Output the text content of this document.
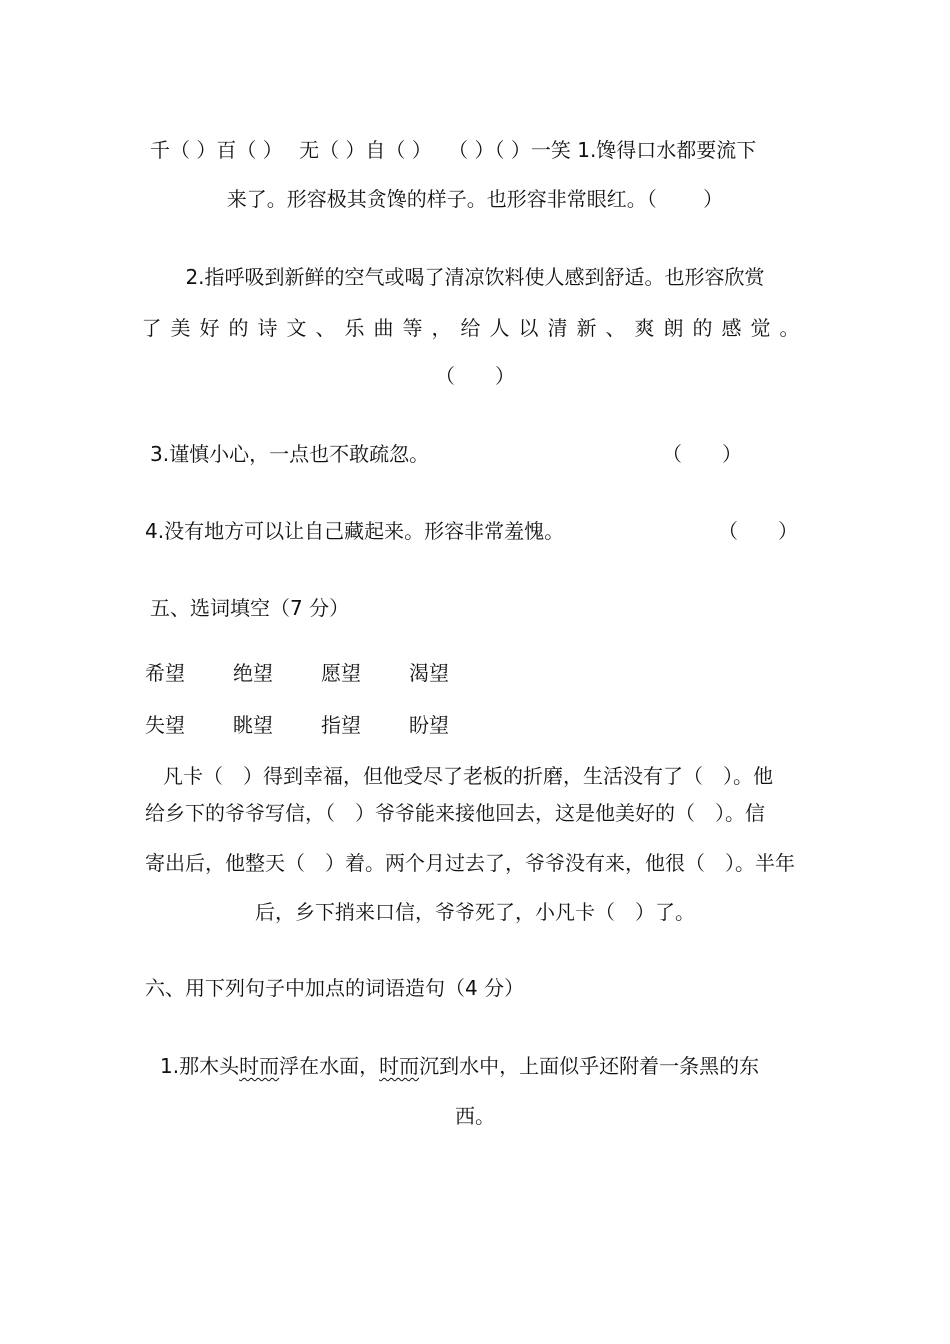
千（ ）百（ ）　 无（ ）自（ ）　 （ ）（ ）一笑 1.馋得口水都要流下
来了。形容极其贪馋的样子。也形容非常眼红。（　　 ）
2.指呼吸到新鲜的空气或喝了清凉饮料使人感到舒适。也形容欣赏
了美好的诗文、乐曲等，给人以清新、爽朗的感觉。
（　　）
3.谨慎小心，一点也不敢疏忽。	（　　）
4.没有地方可以让自己藏起来。形容非常羞愧。	（　　）
五、选词填空（7 分）
希望 绝望 愿望 渴望
失望 眺望 指望 盼望
凡卡（　）得到幸福，但他受尽了老板的折磨，生活没有了（　）。他
给乡下的爷爷写信，（　）爷爷能来接他回去，这是他美好的（　）。信
寄出后，他整天（　）着。两个月过去了，爷爷没有来，他很（　）。半年
后，乡下捎来口信，爷爷死了，小凡卡（　）了。
六、用下列句子中加点的词语造句（4 分）
1.那木头时而浮在水面，时而沉到水中，上面似乎还附着一条黑的东
西。
